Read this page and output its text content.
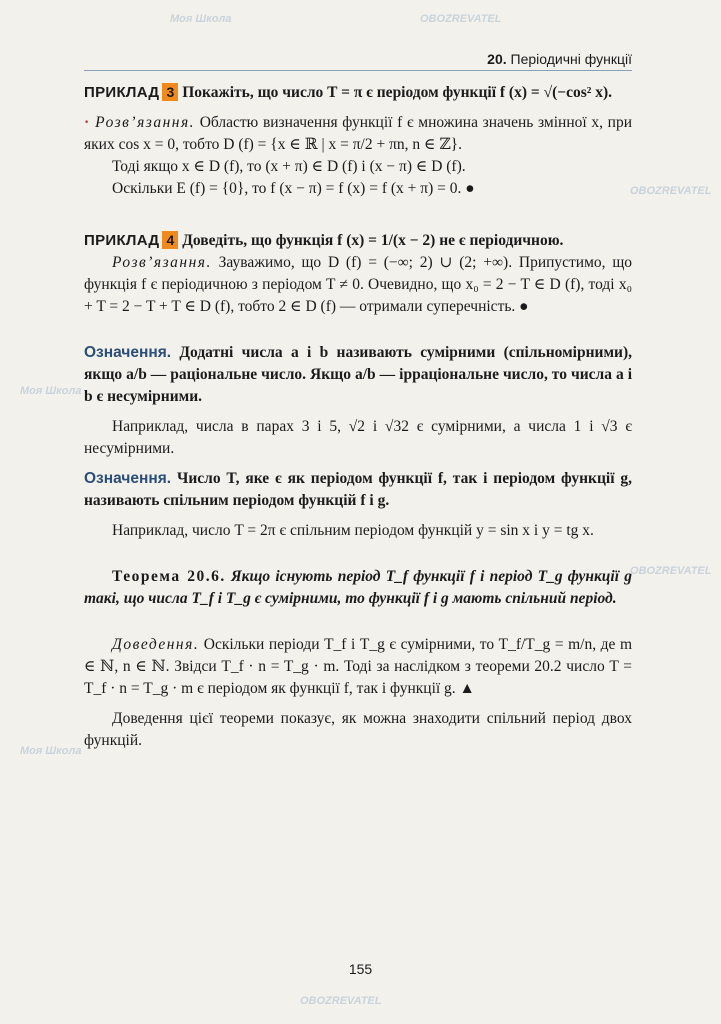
Моя Школа	OBOZREVATEL
OBOZREVATEL
Моя Школа
OBOZREVATEL
Моя Школа
OBOZREVATEL
20. Періодичні функції

ПРИКЛАД 3 Покажіть, що число T = π є періодом функції f (x) = √(−cos² x).

· Розв’язання. Областю визначення функції f є множина значень змінної x, при яких cos x = 0, тобто D (f) = {x ∈ ℝ | x = π/2 + πn, n ∈ ℤ}.

Тоді якщо x ∈ D (f), то (x + π) ∈ D (f) і (x − π) ∈ D (f).

Оскільки E (f) = {0}, то f (x − π) = f (x) = f (x + π) = 0. ●

ПРИКЛАД 4 Доведіть, що функція f (x) = 1/(x − 2) не є періодичною.

Розв’язання. Зауважимо, що D (f) = (−∞; 2) ∪ (2; +∞). Припустимо, що функція f є періодичною з періодом T ≠ 0. Очевидно, що x₀ = 2 − T ∈ D (f), тоді x₀ + T = 2 − T + T ∈ D (f), тобто 2 ∈ D (f) — отримали суперечність. ●

Означення. Додатні числа a і b називають сумірними (спільномірними), якщо a/b — раціональне число. Якщо a/b — ірраціональне число, то числа a і b є несумірними.

Наприклад, числа в парах 3 і 5, √2 і √32 є сумірними, а числа 1 і √3 є несумірними.

Означення. Число T, яке є як періодом функції f, так і періодом функції g, називають спільним періодом функцій f і g.

Наприклад, число T = 2π є спільним періодом функцій y = sin x і y = tg x.

Теорема 20.6. Якщо існують період T_f функції f і період T_g функції g такі, що числа T_f і T_g є сумірними, то функції f і g мають спільний період.

Доведення. Оскільки періоди T_f і T_g є сумірними, то T_f/T_g = m/n, де m ∈ ℕ, n ∈ ℕ. Звідси T_f · n = T_g · m. Тоді за наслідком з теореми 20.2 число T = T_f · n = T_g · m є періодом як функції f, так і функції g. ▲

Доведення цієї теореми показує, як можна знаходити спільний період двох функцій.

155
